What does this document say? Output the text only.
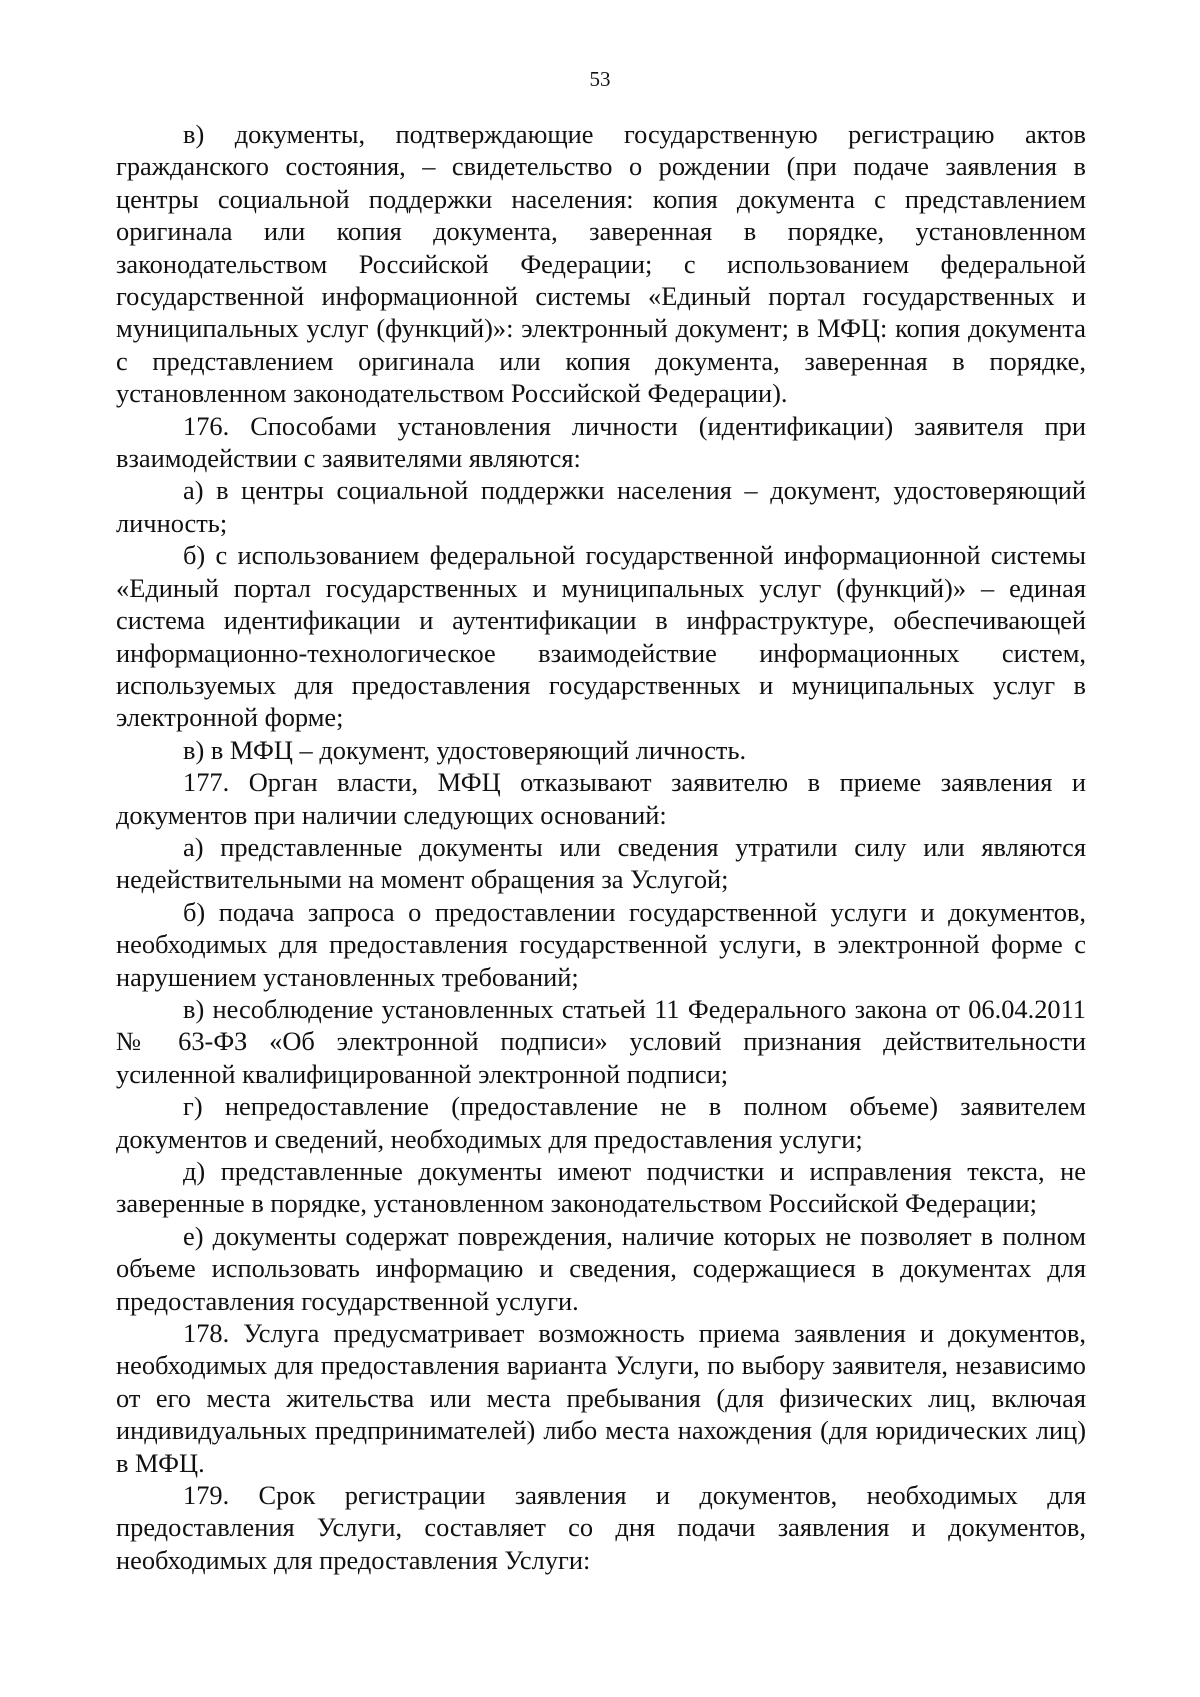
53

в) документы, подтверждающие государственную регистрацию актов гражданского состояния, – свидетельство о рождении (при подаче заявления в центры социальной поддержки населения: копия документа с представлением оригинала или копия документа, заверенная в порядке, установленном законодательством Российской Федерации; с использованием федеральной государственной информационной системы «Единый портал государственных и муниципальных услуг (функций)»: электронный документ; в МФЦ: копия документа с представлением оригинала или копия документа, заверенная в порядке, установленном законодательством Российской Федерации).

176. Способами установления личности (идентификации) заявителя при взаимодействии с заявителями являются:

а) в центры социальной поддержки населения – документ, удостоверяющий личность;

б) с использованием федеральной государственной информационной системы «Единый портал государственных и муниципальных услуг (функций)» – единая система идентификации и аутентификации в инфраструктуре, обеспечивающей информационно-технологическое взаимодействие информационных систем, используемых для предоставления государственных и муниципальных услуг в электронной форме;

в) в МФЦ – документ, удостоверяющий личность.

177. Орган власти, МФЦ отказывают заявителю в приеме заявления и документов при наличии следующих оснований:

а) представленные документы или сведения утратили силу или являются недействительными на момент обращения за Услугой;

б) подача запроса о предоставлении государственной услуги и документов, необходимых для предоставления государственной услуги, в электронной форме с нарушением установленных требований;

в) несоблюдение установленных статьей 11 Федерального закона от 06.04.2011 № 63-ФЗ «Об электронной подписи» условий признания действительности усиленной квалифицированной электронной подписи;

г) непредоставление (предоставление не в полном объеме) заявителем документов и сведений, необходимых для предоставления услуги;

д) представленные документы имеют подчистки и исправления текста, не заверенные в порядке, установленном законодательством Российской Федерации;

е) документы содержат повреждения, наличие которых не позволяет в полном объеме использовать информацию и сведения, содержащиеся в документах для предоставления государственной услуги.

178. Услуга предусматривает возможность приема заявления и документов, необходимых для предоставления варианта Услуги, по выбору заявителя, независимо от его места жительства или места пребывания (для физических лиц, включая индивидуальных предпринимателей) либо места нахождения (для юридических лиц) в МФЦ.

179. Срок регистрации заявления и документов, необходимых для предоставления Услуги, составляет со дня подачи заявления и документов, необходимых для предоставления Услуги:
